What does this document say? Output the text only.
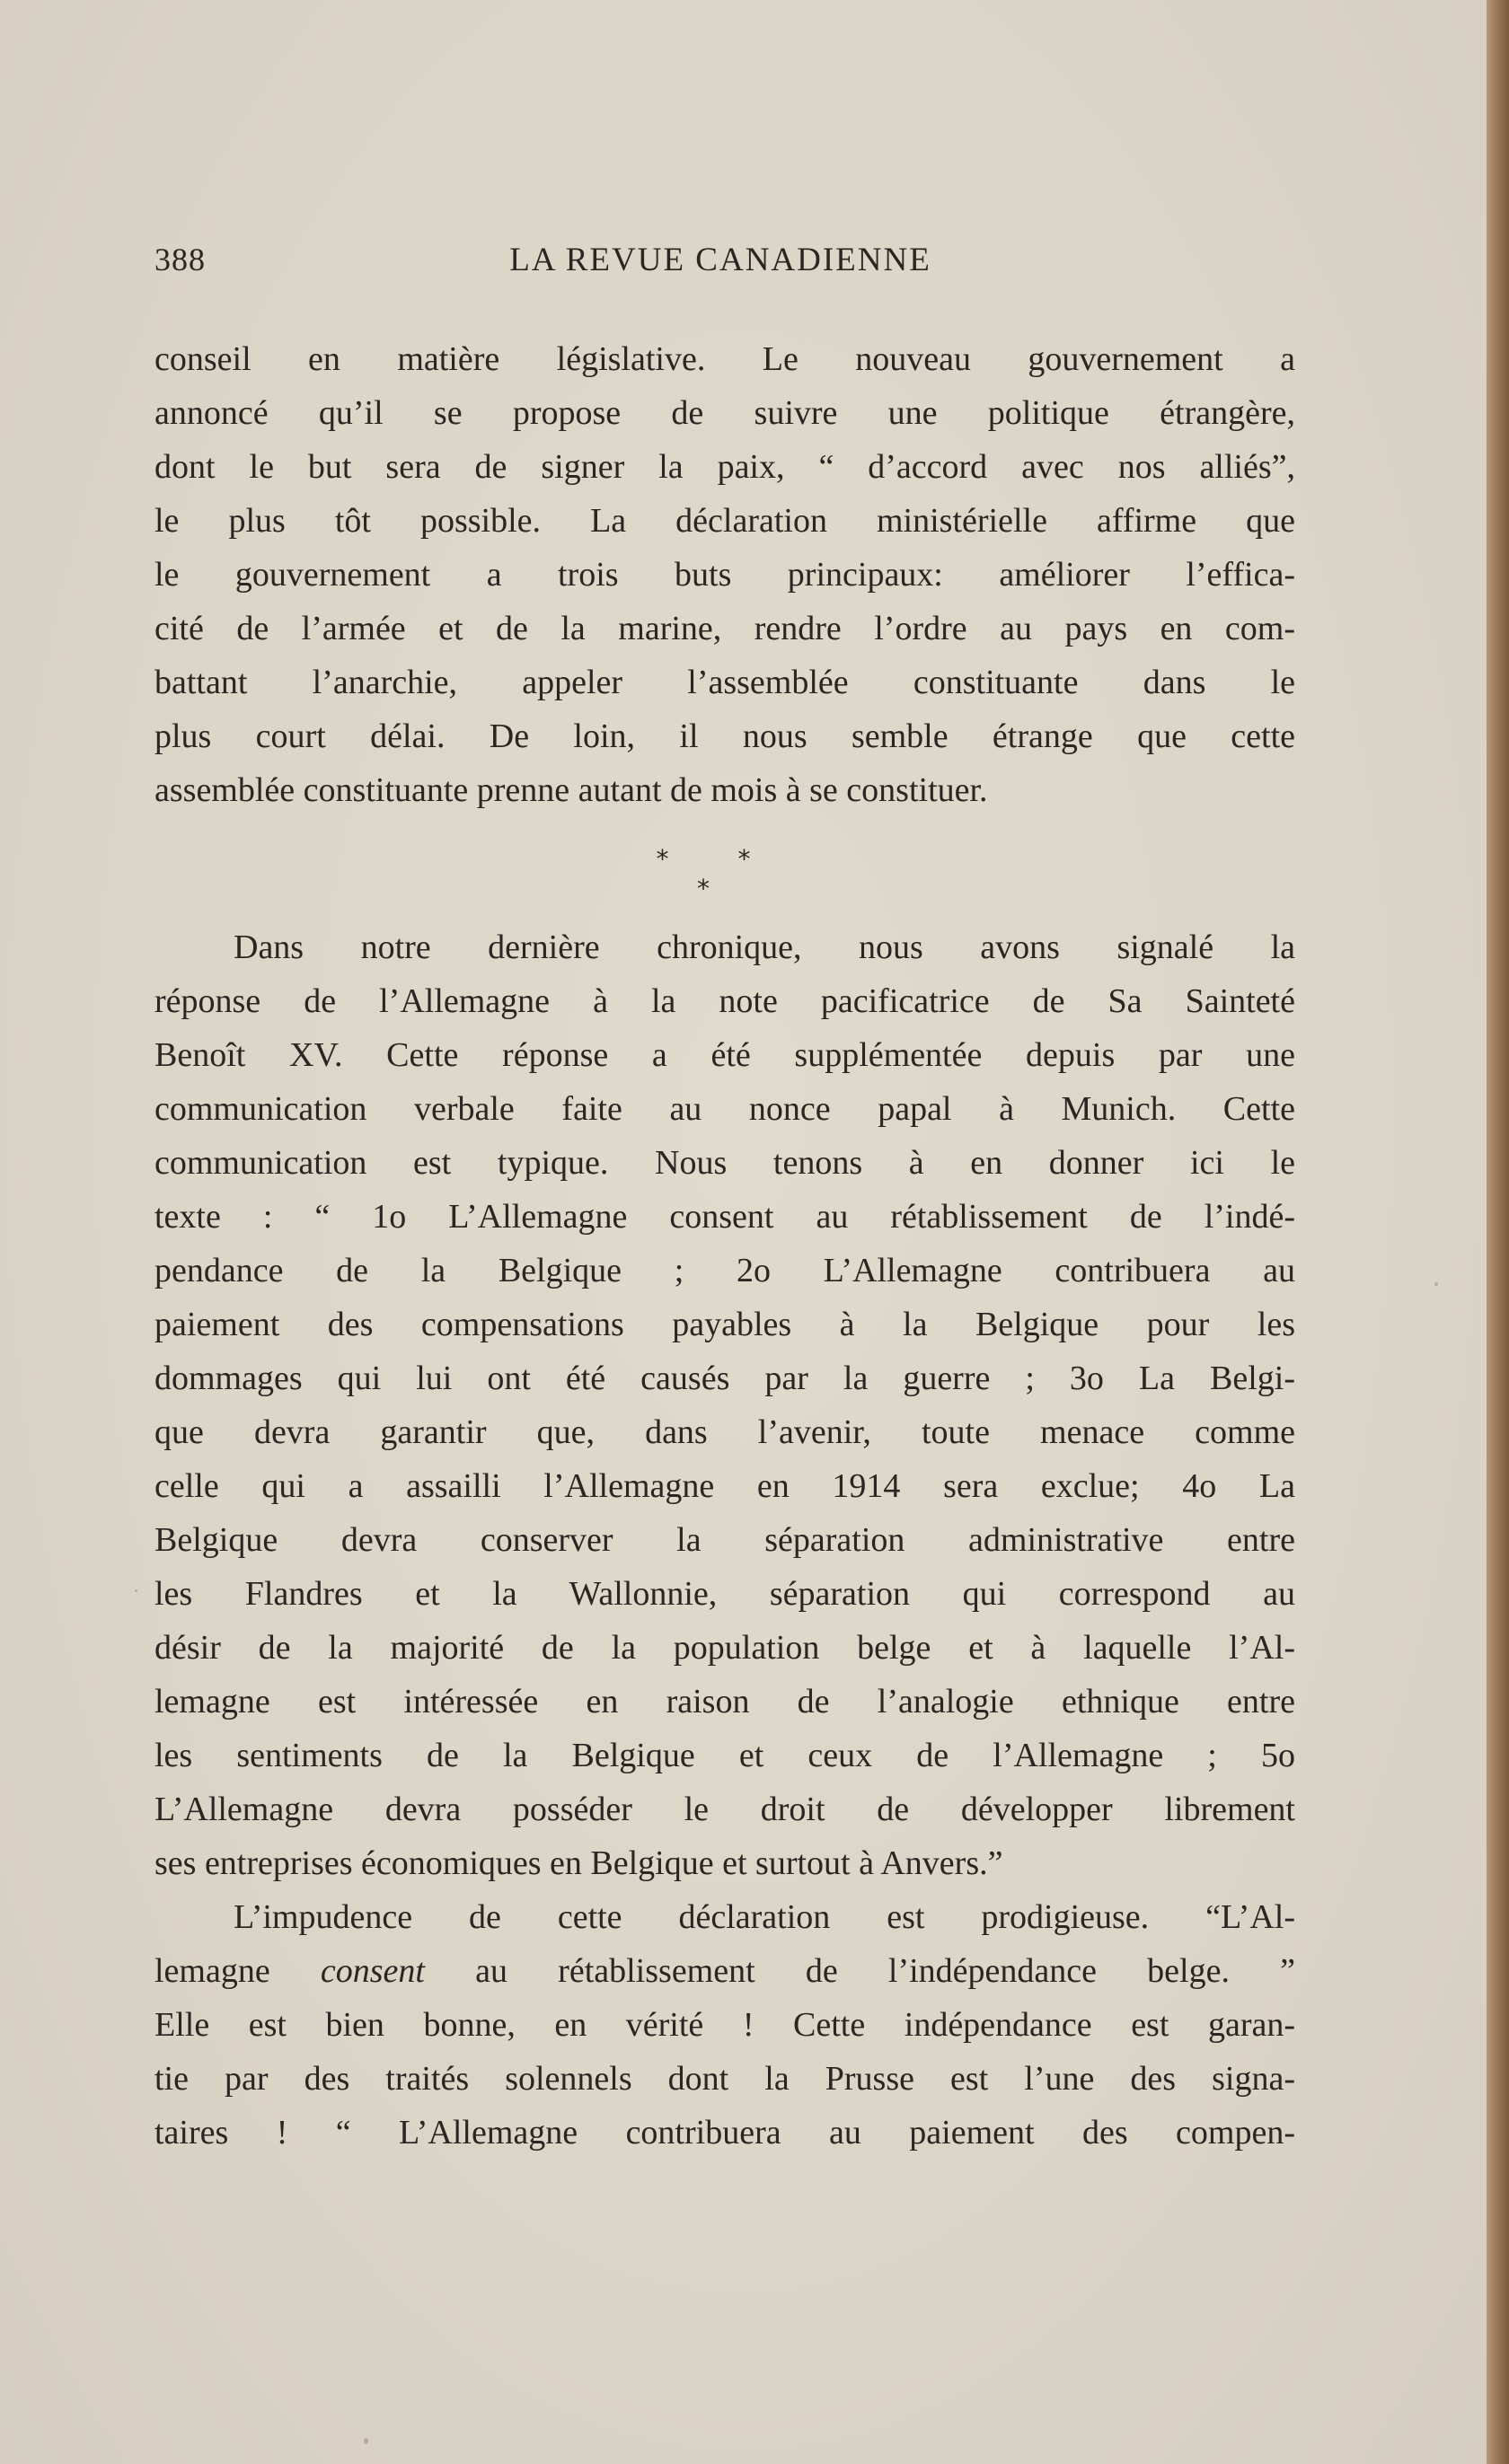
388	LA REVUE CANADIENNE
conseil en matière législative. Le nouveau gouvernement a
annoncé qu’il se propose de suivre une politique étrangère,
dont le but sera de signer la paix, “ d’accord avec nos alliés”,
le plus tôt possible. La déclaration ministérielle affirme que
le gouvernement a trois buts principaux: améliorer l’effica-
cité de l’armée et de la marine, rendre l’ordre au pays en com-
battant l’anarchie, appeler l’assemblée constituante dans le
plus court délai. De loin, il nous semble étrange que cette
assemblée constituante prenne autant de mois à se constituer.
* * *
Dans notre dernière chronique, nous avons signalé la
réponse de l’Allemagne à la note pacificatrice de Sa Sainteté
Benoît XV. Cette réponse a été supplémentée depuis par une
communication verbale faite au nonce papal à Munich. Cette
communication est typique. Nous tenons à en donner ici le
texte : “ 1o L’Allemagne consent au rétablissement de l’indé-
pendance de la Belgique ; 2o L’Allemagne contribuera au
paiement des compensations payables à la Belgique pour les
dommages qui lui ont été causés par la guerre ; 3o La Belgi-
que devra garantir que, dans l’avenir, toute menace comme
celle qui a assailli l’Allemagne en 1914 sera exclue; 4o La
Belgique devra conserver la séparation administrative entre
les Flandres et la Wallonnie, séparation qui correspond au
désir de la majorité de la population belge et à laquelle l’Al-
lemagne est intéressée en raison de l’analogie ethnique entre
les sentiments de la Belgique et ceux de l’Allemagne ; 5o
L’Allemagne devra posséder le droit de développer librement
ses entreprises économiques en Belgique et surtout à Anvers.”
L’impudence de cette déclaration est prodigieuse. “L’Al-
lemagne consent au rétablissement de l’indépendance belge. ”
Elle est bien bonne, en vérité ! Cette indépendance est garan-
tie par des traités solennels dont la Prusse est l’une des signa-
taires ! “ L’Allemagne contribuera au paiement des compen-
